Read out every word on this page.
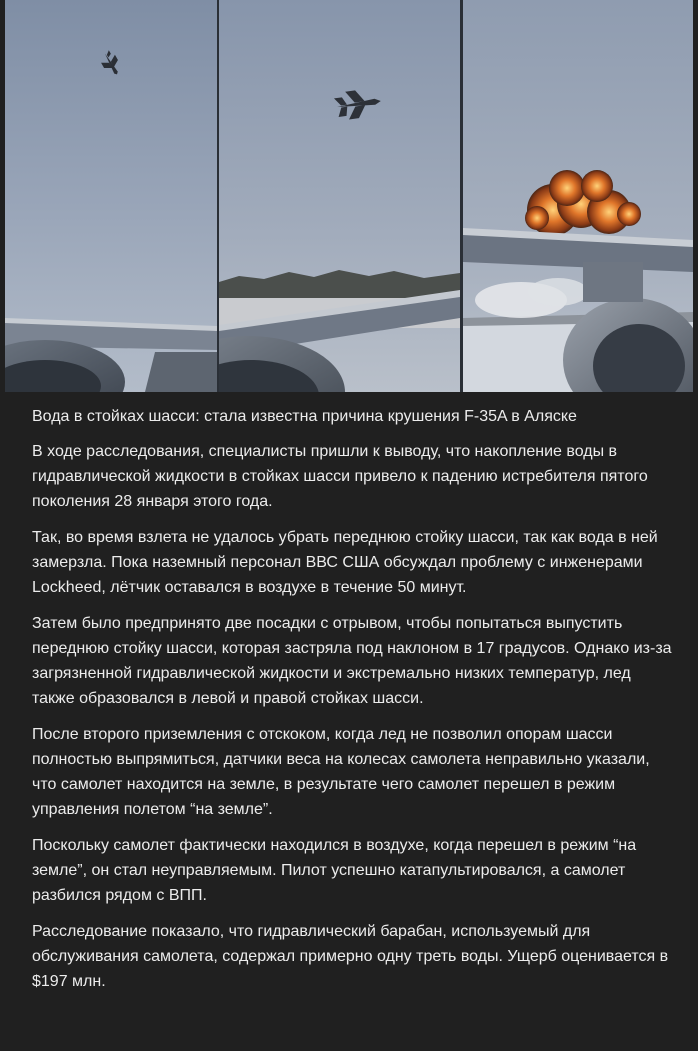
Вода в стойках шасси: стала известна причина крушения F-35A в Аляске

В ходе расследования, специалисты пришли к выводу, что накопление воды в гидравлической жидкости в стойках шасси привело к падению истребителя пятого поколения 28 января этого года.

Так, во время взлета не удалось убрать переднюю стойку шасси, так как вода в ней замерзла. Пока наземный персонал ВВС США обсуждал проблему с инженерами Lockheed, лётчик оставался в воздухе в течение 50 минут.

Затем было предпринято две посадки с отрывом, чтобы попытаться выпустить переднюю стойку шасси, которая застряла под наклоном в 17 градусов. Однако из-за загрязненной гидравлической жидкости и экстремально низких температур, лед также образовался в левой и правой стойках шасси.

После второго приземления с отскоком, когда лед не позволил опорам шасси полностью выпрямиться, датчики веса на колесах самолета неправильно указали, что самолет находится на земле, в результате чего самолет перешел в режим управления полетом “на земле”.

Поскольку самолет фактически находился в воздухе, когда перешел в режим “на земле”, он стал неуправляемым. Пилот успешно катапультировался, а самолет разбился рядом с ВПП.

Расследование показало, что гидравлический барабан, используемый для обслуживания самолета, содержал примерно одну треть воды. Ущерб оценивается в $197 млн.
